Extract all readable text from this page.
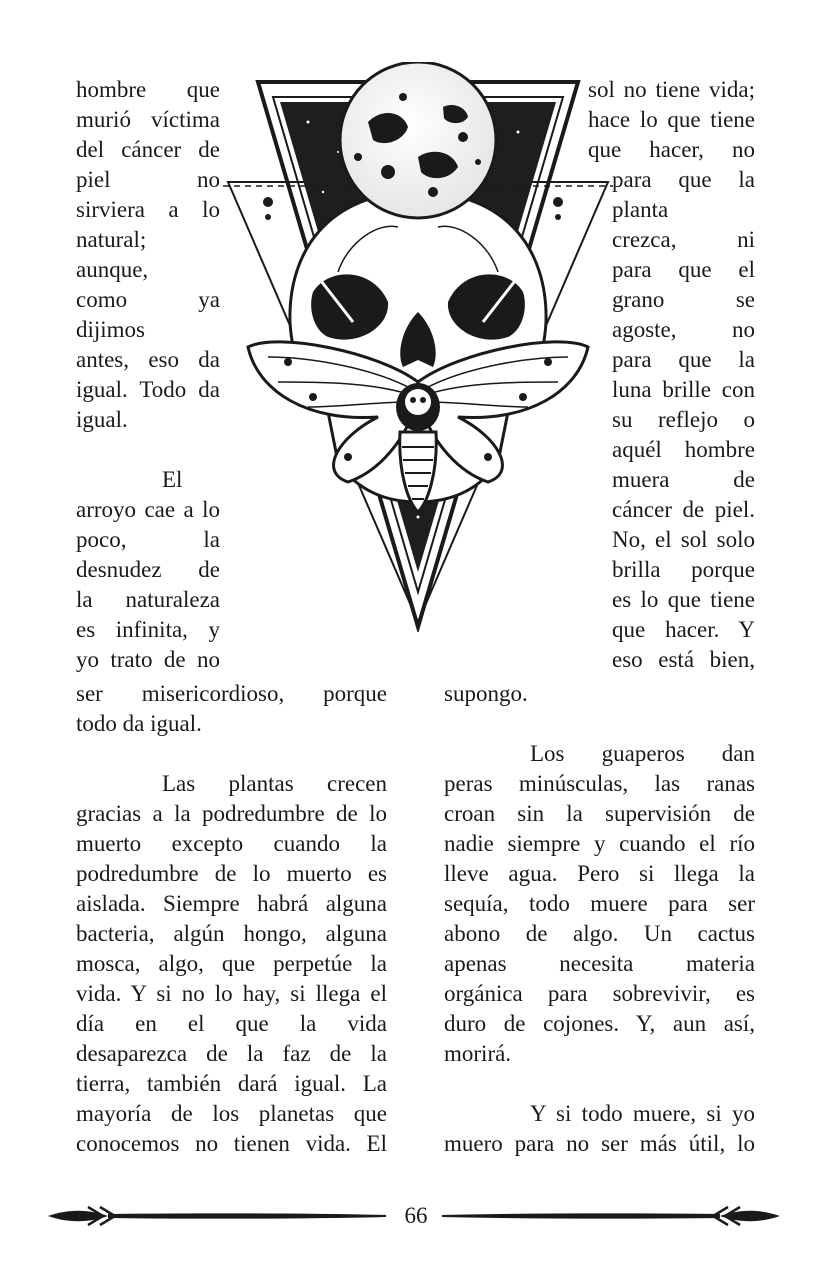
hombre que
murió víctima
del cáncer de
piel no
sirviera a lo
natural;
aunque,
como ya
dijimos
antes, eso da
igual. Todo da
igual.
El
arroyo cae a lo
poco, la
desnudez de
la naturaleza
es infinita, y
yo trato de no
sol no tiene vida;
hace lo que tiene
que hacer, no
para que la
planta
crezca, ni
para que el
grano se
agoste, no
para que la
luna brille con
su reflejo o
aquél hombre
muera de
cáncer de piel.
No, el sol solo
brilla porque
es lo que tiene
que hacer. Y
eso está bien,
ser misericordioso, porque
todo da igual.
Las plantas crecen
gracias a la podredumbre de lo
muerto excepto cuando la
podredumbre de lo muerto es
aislada. Siempre habrá alguna
bacteria, algún hongo, alguna
mosca, algo, que perpetúe la
vida. Y si no lo hay, si llega el
día en el que la vida
desaparezca de la faz de la
tierra, también dará igual. La
mayoría de los planetas que
conocemos no tienen vida. El
supongo.
Los guaperos dan
peras minúsculas, las ranas
croan sin la supervisión de
nadie siempre y cuando el río
lleve agua. Pero si llega la
sequía, todo muere para ser
abono de algo. Un cactus
apenas necesita materia
orgánica para sobrevivir, es
duro de cojones. Y, aun así,
morirá.
Y si todo muere, si yo
muero para no ser más útil, lo
66
